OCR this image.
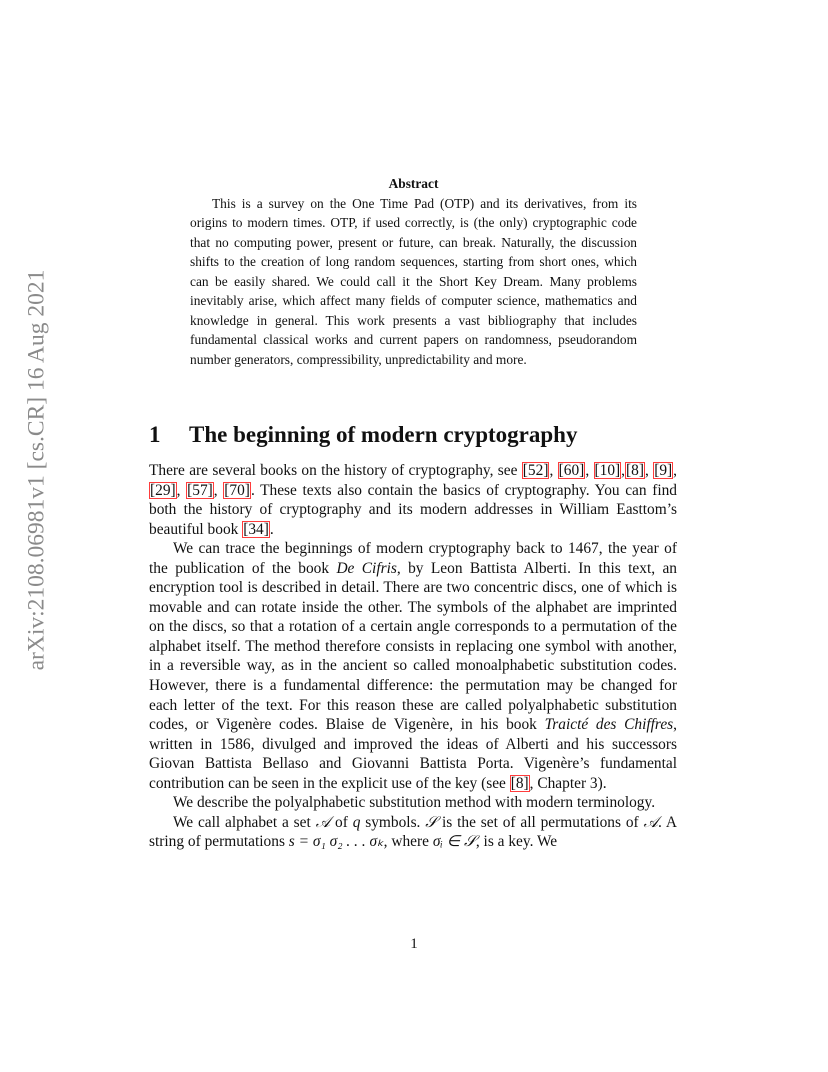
arXiv:2108.06981v1 [cs.CR] 16 Aug 2021
Abstract

This is a survey on the One Time Pad (OTP) and its derivatives, from its origins to modern times. OTP, if used correctly, is (the only) cryptographic code that no computing power, present or future, can break. Naturally, the discussion shifts to the creation of long random sequences, starting from short ones, which can be easily shared. We could call it the Short Key Dream. Many problems inevitably arise, which affect many fields of computer science, mathematics and knowledge in general. This work presents a vast bibliography that includes fundamental classical works and current papers on randomness, pseudorandom number generators, compressibility, unpredictability and more.

1 The beginning of modern cryptography

There are several books on the history of cryptography, see [52], [60], [10],[8], [9], [29], [57], [70]. These texts also contain the basics of cryptography. You can find both the history of cryptography and its modern addresses in William Easttom’s beautiful book [34].

We can trace the beginnings of modern cryptography back to 1467, the year of the publication of the book De Cifris, by Leon Battista Alberti. In this text, an encryption tool is described in detail. There are two concentric discs, one of which is movable and can rotate inside the other. The symbols of the alphabet are imprinted on the discs, so that a rotation of a certain angle corresponds to a permutation of the alphabet itself. The method therefore consists in replacing one symbol with another, in a reversible way, as in the ancient so called monoalphabetic substitution codes. However, there is a fundamental difference: the permutation may be changed for each letter of the text. For this reason these are called polyalphabetic substitution codes, or Vigenère codes. Blaise de Vigenère, in his book Traicté des Chiffres, written in 1586, divulged and improved the ideas of Alberti and his successors Giovan Battista Bellaso and Giovanni Battista Porta. Vigenère’s fundamental contribution can be seen in the explicit use of the key (see [8], Chapter 3).

We describe the polyalphabetic substitution method with modern terminology.

We call alphabet a set 𝒜 of q symbols. 𝒮 is the set of all permutations of 𝒜. A string of permutations s = σ₁ σ₂ . . . σₖ, where σᵢ ∈ 𝒮, is a key. We

1
